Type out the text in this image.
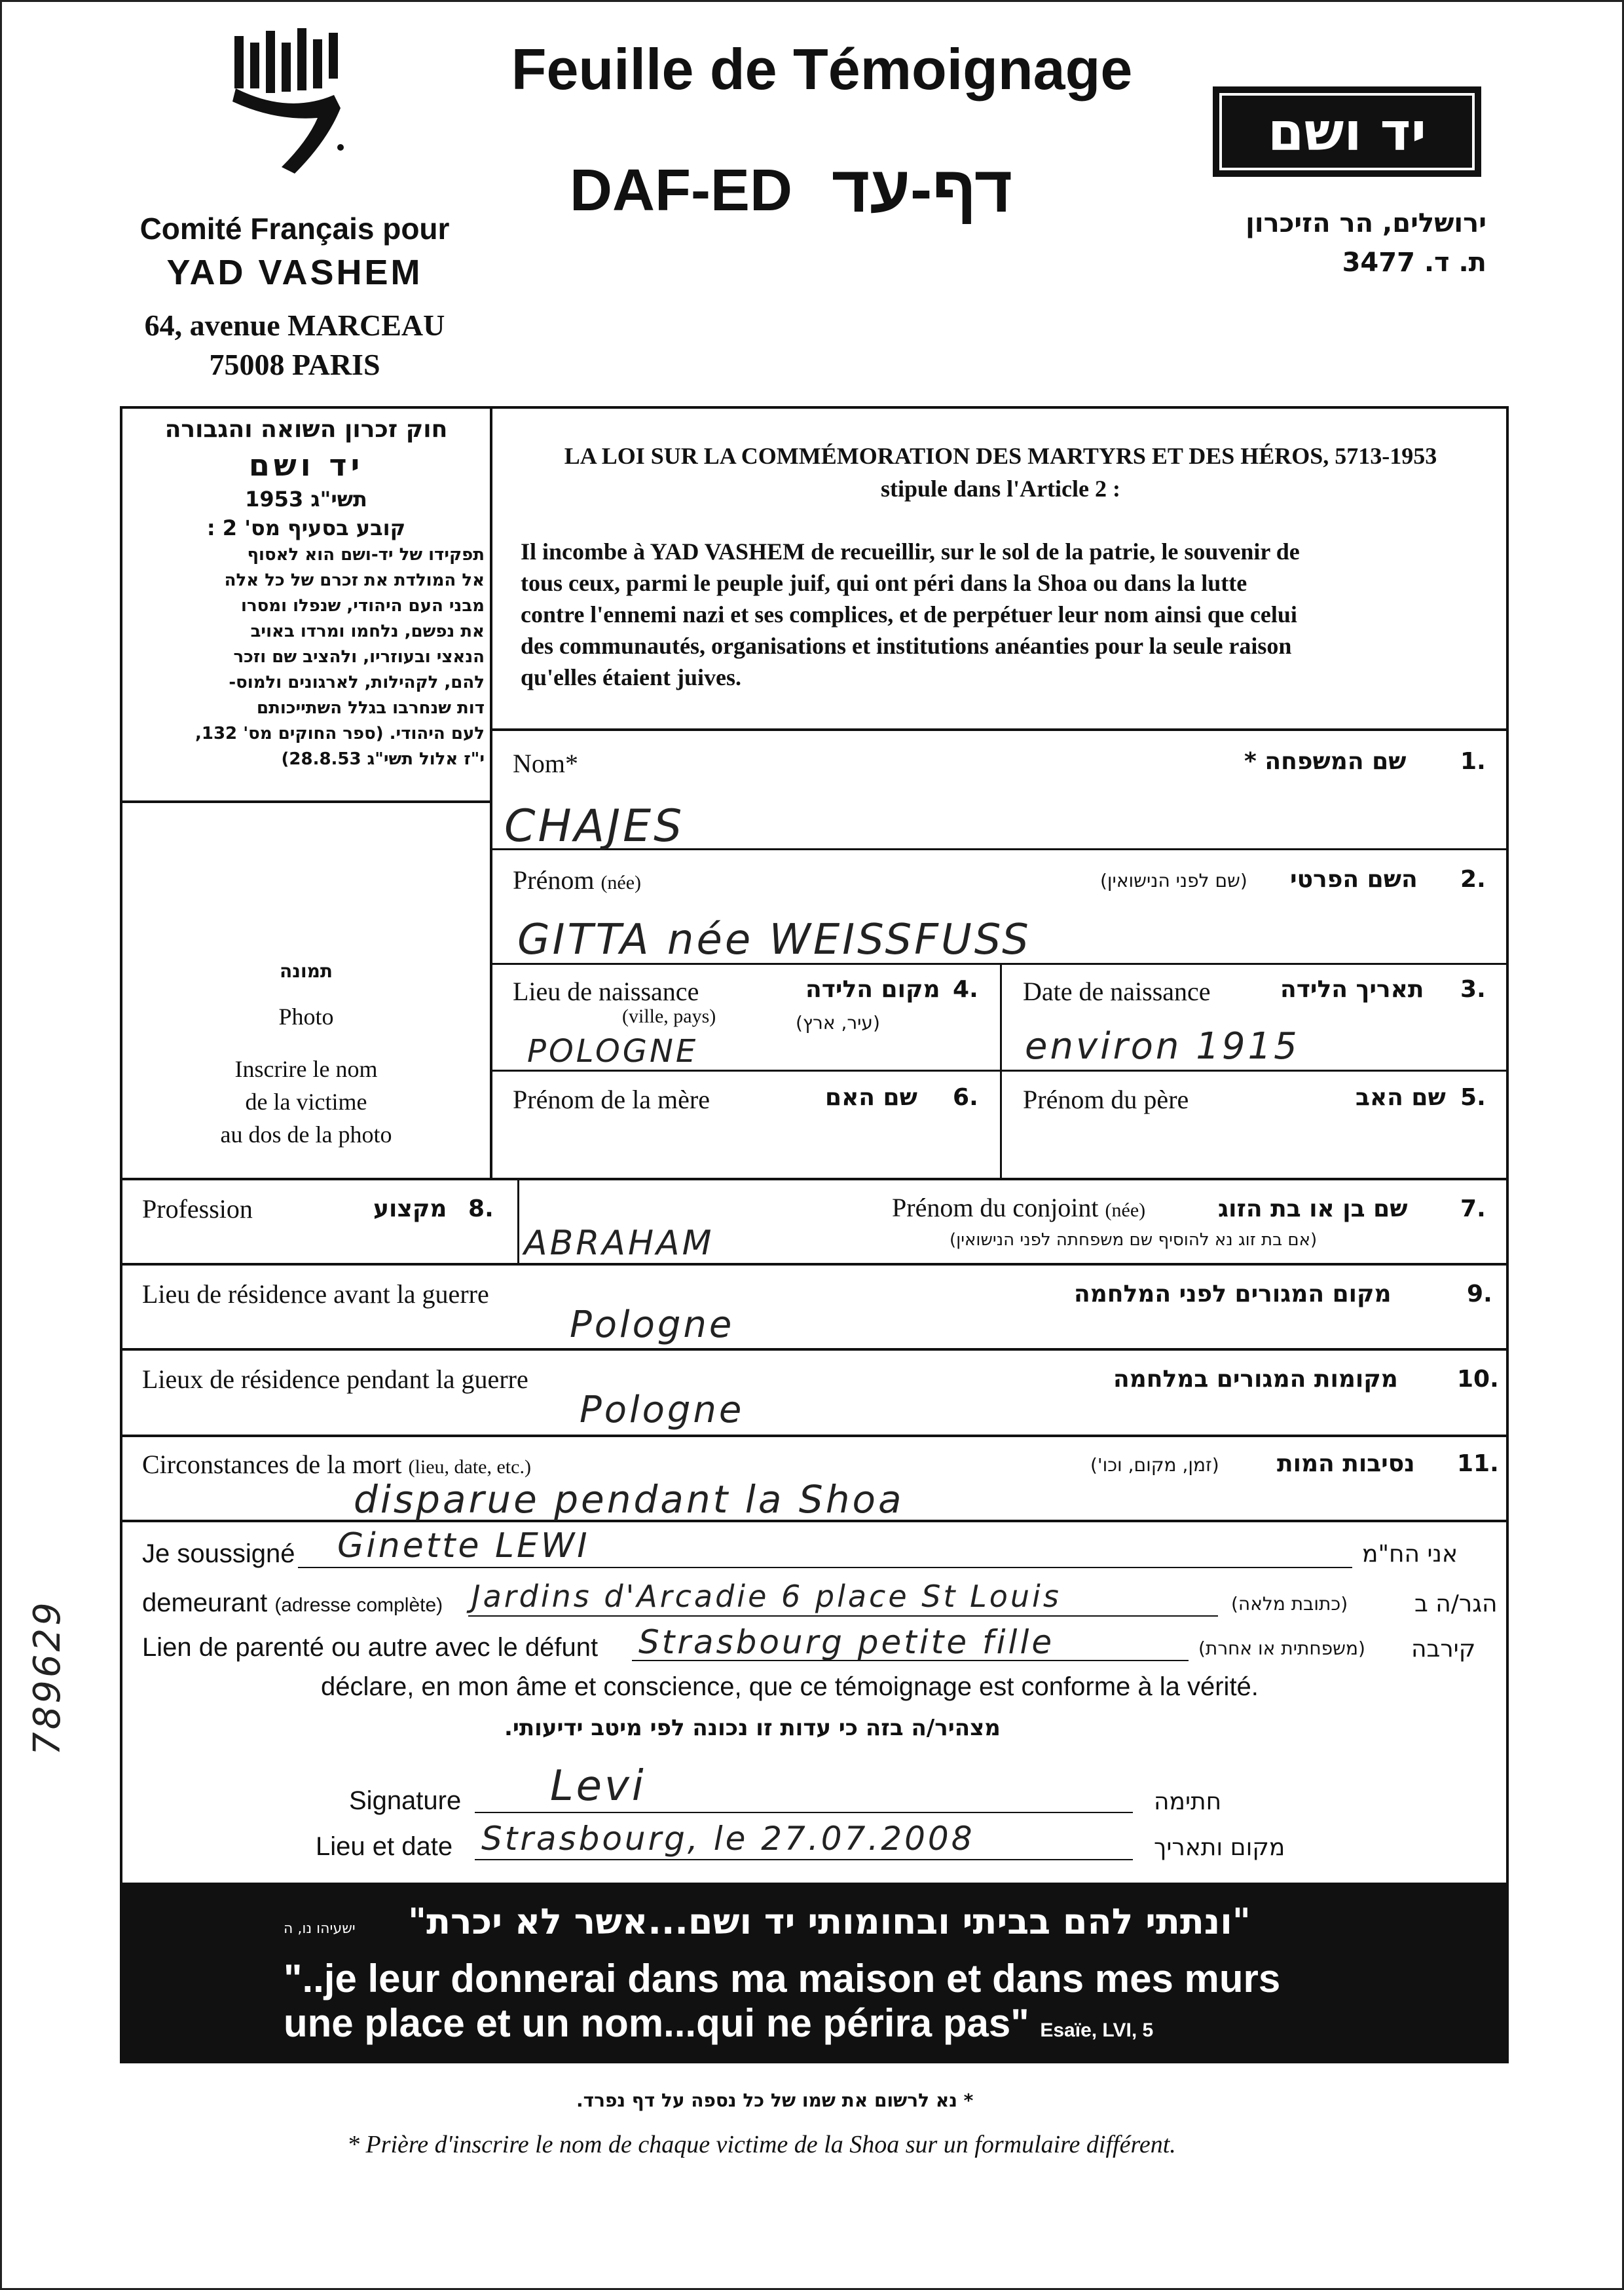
Comité Français pour
YAD VASHEM
64, avenue MARCEAU
75008 PARIS
Feuille de Témoignage
DAF-ED דף-עד
יד ושם
ירושלים, הר הזיכרון
ת. ד. 3477
חוק זכרון השואה והגבורה
יד ושם
תשי"ג 1953
קובע בסעיף מס' 2 :
תפקידו של יד-ושם הוא לאסוף
אל המולדת את זכרם של כל אלה
מבני העם היהודי, שנפלו ומסרו
את נפשם, נלחמו ומרדו באויב
הנאצי ובעוזריו, ולהציב שם וזכר
להם, לקהילות, לארגונים ולמוס-
דות שנחרבו בגלל השתייכותם
לעם היהודי. (ספר החוקים מס' 132,
י"ז אלול תשי"ג 28.8.53)
LA LOI SUR LA COMMÉMORATION DES MARTYRS ET DES HÉROS, 5713-1953
stipule dans l'Article 2 :
Il incombe à YAD VASHEM de recueillir, sur le sol de la patrie, le souvenir de
tous ceux, parmi le peuple juif, qui ont péri dans la Shoa ou dans la lutte
contre l'ennemi nazi et ses complices, et de perpétuer leur nom ainsi que celui
des communautés, organisations et institutions anéanties pour la seule raison
qu'elles étaient juives.
תמונה
Photo
Inscrire le nom
de la victime
au dos de la photo
Nom*	שם המשפחה * .1
CHAJES
Prénom (née)	(שם לפני הנישואין) השם הפרטי .2
GITTA née WEISSFUSS
Lieu de naissance
(ville, pays)
מקום הלידה .4
(עיר, ארץ)
POLOGNE
Date de naissance	תאריך הלידה .3
environ 1915
Prénom de la mère	שם האם .6 Prénom du père	שם האב .5
Profession	מקצוע .8	Prénom du conjoint (née)	שם בן או בת הזוג .7
(אם בת זוג נא להוסיף שם משפחתה לפני הנישואין)
ABRAHAM
Lieu de résidence avant la guerre	מקום המגורים לפני המלחמה	.9
Pologne
Lieux de résidence pendant la guerre	מקומות המגורים במלחמה	.10
Pologne
Circonstances de la mort (lieu, date, etc.)	(זמן, מקום, וכו') נסיבות המות .11
disparue pendant la Shoa
Je soussigné Ginette LEWI	אני הח"מ
demeurant (adresse complète) Jardins d'Arcadie 6 place St Louis	(כתובת מלאה)	הגר/ה ב
Lien de parenté ou autre avec le défunt Strasbourg petite fille	(משפחתית או אחרת) קירבה
déclare, en mon âme et conscience, que ce témoignage est conforme à la vérité.
מצהיר/ה בזה כי עדות זו נכונה לפי מיטב ידיעותי.
Signature Levi	חתימה
Lieu et date Strasbourg, le 27.07.2008	מקום ותאריך
ישעיהו נו, ה "ונתתי להם בביתי ובחומותי יד ושם...אשר לא יכרת"
"..je leur donnerai dans ma maison et dans mes murs
une place et un nom...qui ne périra pas" Esaïe, LVI, 5
* נא לרשום את שמו של כל נספה על דף נפרד.
* Prière d'inscrire le nom de chaque victime de la Shoa sur un formulaire différent.
789629
